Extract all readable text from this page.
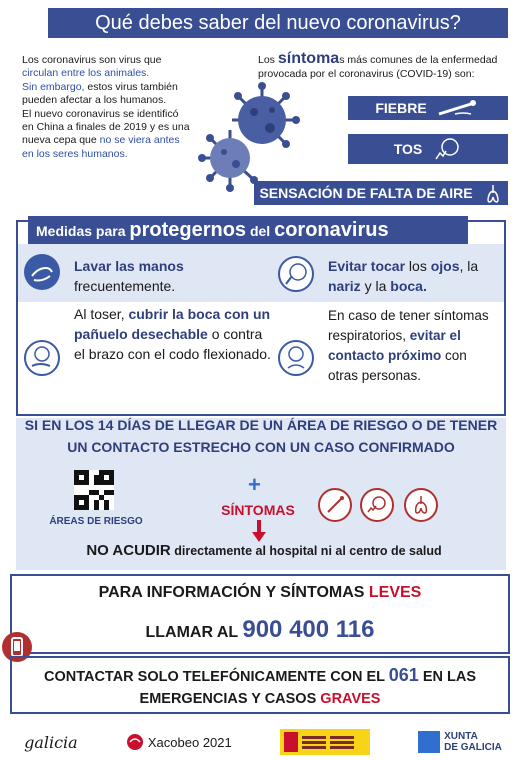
Qué debes saber del nuevo coronavirus?
Los coronavirus son virus que circulan entre los animales.
Sin embargo, estos virus también pueden afectar a los humanos.
El nuevo coronavirus se identificó en China a finales de 2019 y es una nueva cepa que no se viera antes en los seres humanos.
Los síntomas más comunes de la enfermedad provocada por el coronavirus (COVID-19) son:
FIEBRE
TOS
SENSACIÓN DE FALTA DE AIRE
Medidas para protegernos del coronavirus
Lavar las manos frecuentemente.
Evitar tocar los ojos, la nariz y la boca.
Al toser, cubrir la boca con un pañuelo desechable o contra el brazo con el codo flexionado.
En caso de tener síntomas respiratorios, evitar el contacto próximo con otras personas.
SI EN LOS 14 DÍAS DE LLEGAR DE UN ÁREA DE RIESGO O DE TENER UN CONTACTO ESTRECHO CON UN CASO CONFIRMADO
ÁREAS DE RIESGO
+
SÍNTOMAS
NO ACUDIR directamente al hospital ni al centro de salud
PARA INFORMACIÓN Y SÍNTOMAS LEVES
LLAMAR AL 900 400 116
CONTACTAR SOLO TELEFÓNICAMENTE CON EL 061 EN LAS EMERGENCIAS Y CASOS GRAVES
galicia	Xacobeo 2021	XUNTA
DE GALICIA
